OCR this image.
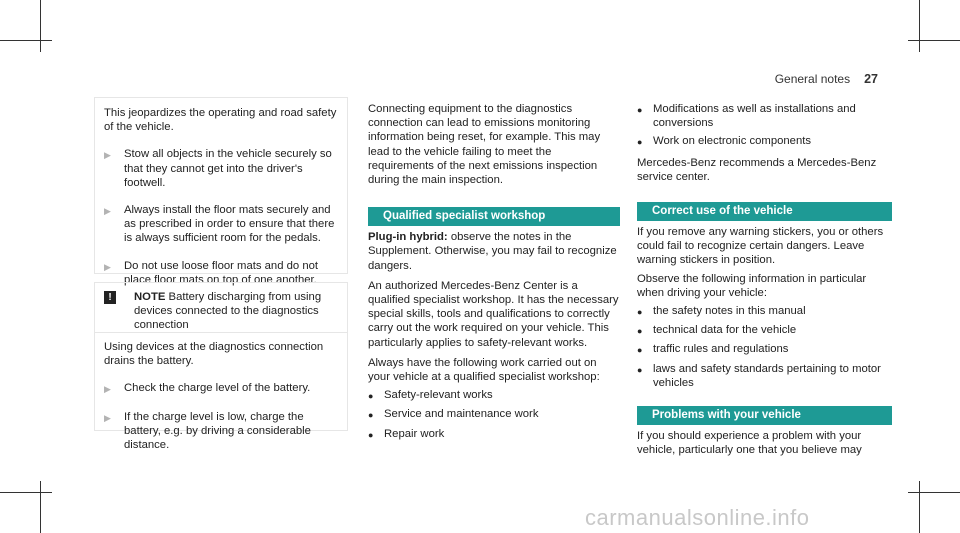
General notes 27

This jeopardizes the operating and road safety of the vehicle.

▶	Stow all objects in the vehicle securely so that they cannot get into the driver's footwell.
▶	Always install the floor mats securely and as prescribed in order to ensure that there is always sufficient room for the pedals.
▶	Do not use loose floor mats and do not place floor mats on top of one another.
!	NOTE Battery discharging from using devices connected to the diagnostics connection

Using devices at the diagnostics connection drains the battery.

▶	Check the charge level of the battery.
▶	If the charge level is low, charge the battery, e.g. by driving a considerable distance.

Connecting equipment to the diagnostics connection can lead to emissions monitoring information being reset, for example. This may lead to the vehicle failing to meet the requirements of the next emissions inspection during the main inspection.

Qualified specialist workshop

Plug-in hybrid: observe the notes in the Supplement. Otherwise, you may fail to recognize dangers.

An authorized Mercedes-Benz Center is a qualified specialist workshop. It has the necessary special skills, tools and qualifications to correctly carry out the work required on your vehicle. This particularly applies to safety-relevant works.

Always have the following work carried out on your vehicle at a qualified specialist workshop:

● Safety-relevant works
● Service and maintenance work
● Repair work
● Modifications as well as installations and conversions
● Work on electronic components

Mercedes-Benz recommends a Mercedes-Benz service center.

Correct use of the vehicle

If you remove any warning stickers, you or others could fail to recognize certain dangers. Leave warning stickers in position.

Observe the following information in particular when driving your vehicle:

● the safety notes in this manual
● technical data for the vehicle
● traffic rules and regulations
● laws and safety standards pertaining to motor vehicles
Problems with your vehicle

If you should experience a problem with your vehicle, particularly one that you believe may

carmanualsonline.info
